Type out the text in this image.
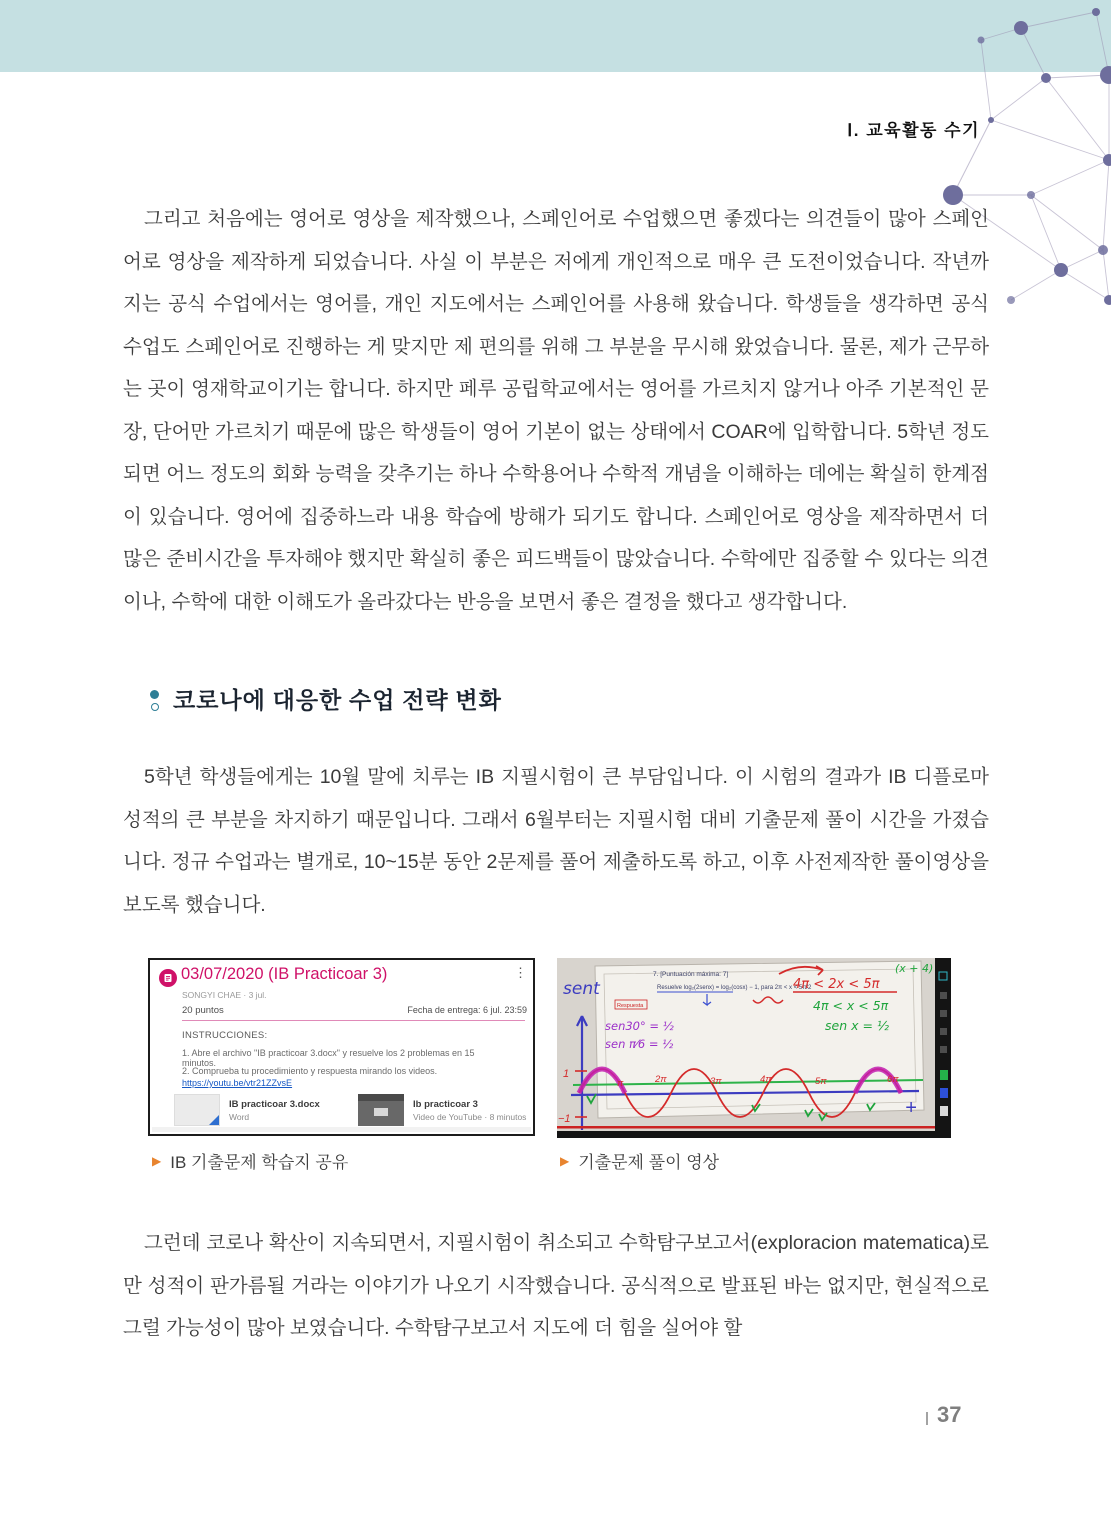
Ⅰ. 교육활동 수기

그리고 처음에는 영어로 영상을 제작했으나, 스페인어로 수업했으면 좋겠다는 의견들이 많아 스페인어로 영상을 제작하게 되었습니다. 사실 이 부분은 저에게 개인적으로 매우 큰 도전이었습니다. 작년까지는 공식 수업에서는 영어를, 개인 지도에서는 스페인어를 사용해 왔습니다. 학생들을 생각하면 공식 수업도 스페인어로 진행하는 게 맞지만 제 편의를 위해 그 부분을 무시해 왔었습니다. 물론, 제가 근무하는 곳이 영재학교이기는 합니다. 하지만 페루 공립학교에서는 영어를 가르치지 않거나 아주 기본적인 문장, 단어만 가르치기 때문에 많은 학생들이 영어 기본이 없는 상태에서 COAR에 입학합니다. 5학년 정도 되면 어느 정도의 회화 능력을 갖추기는 하나 수학용어나 수학적 개념을 이해하는 데에는 확실히 한계점이 있습니다. 영어에 집중하느라 내용 학습에 방해가 되기도 합니다. 스페인어로 영상을 제작하면서 더 많은 준비시간을 투자해야 했지만 확실히 좋은 피드백들이 많았습니다. 수학에만 집중할 수 있다는 의견이나, 수학에 대한 이해도가 올라갔다는 반응을 보면서 좋은 결정을 했다고 생각합니다.

코로나에 대응한 수업 전략 변화

5학년 학생들에게는 10월 말에 치루는 IB 지필시험이 큰 부담입니다. 이 시험의 결과가 IB 디플로마 성적의 큰 부분을 차지하기 때문입니다. 그래서 6월부터는 지필시험 대비 기출문제 풀이 시간을 가졌습니다. 정규 수업과는 별개로, 10~15분 동안 2문제를 풀어 제출하도록 하고, 이후 사전제작한 풀이영상을 보도록 했습니다.

03/07/2020 (IB Practicoar 3)	⋮
SONGYI CHAE · 3 jul.
20 puntos	Fecha de entrega: 6 jul. 23:59
INSTRUCCIONES:
1. Abre el archivo "IB practicoar 3.docx" y resuelve los 2 problemas en 15 minutos.
2. Comprueba tu procedimiento y respuesta mirando los videos.
https://youtu.be/vtr21ZZvsE
IB practicoar 3.docx
Word
Ib practicoar 3
Video de YouTube · 8 minutos
7. [Puntuación máxima: 7]
Resuelve log₂(2senx) = log₂(cosx) − 1, para 2π < x < 5π/2
Respuesta
sent
sen30° = ½
sen π⁄6 = ½
4π < 2x < 5π
4π < x < 5π
sen x = ½
(x + 4)
1
−1
π	2π	3π	4π	5π	6π
+
▶ IB 기출문제 학습지 공유	▶ 기출문제 풀이 영상

그런데 코로나 확산이 지속되면서, 지필시험이 취소되고 수학탐구보고서(exploracion matematica)로만 성적이 판가름될 거라는 이야기가 나오기 시작했습니다. 공식적으로 발표된 바는 없지만, 현실적으로 그럴 가능성이 많아 보였습니다. 수학탐구보고서 지도에 더 힘을 실어야 할

37
